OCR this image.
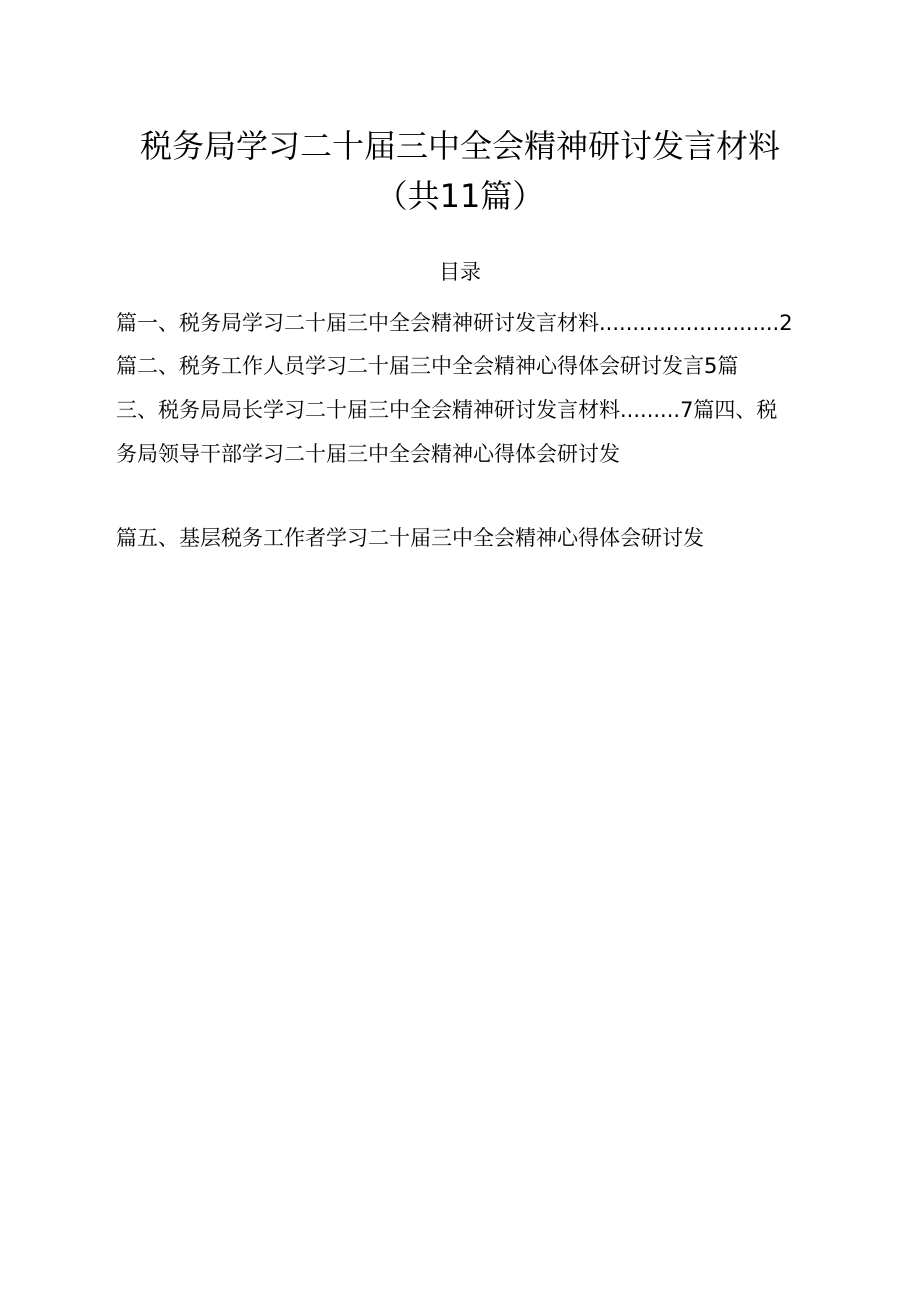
税务局学习二十届三中全会精神研讨发言材料
（共11篇）
目录
篇一、税务局学习二十届三中全会精神研讨发言材料...........................2
篇二、税务工作人员学习二十届三中全会精神心得体会研讨发言5篇
三、税务局局长学习二十届三中全会精神研讨发言材料.........7篇四、税
务局领导干部学习二十届三中全会精神心得体会研讨发
篇五、基层税务工作者学习二十届三中全会精神心得体会研讨发
